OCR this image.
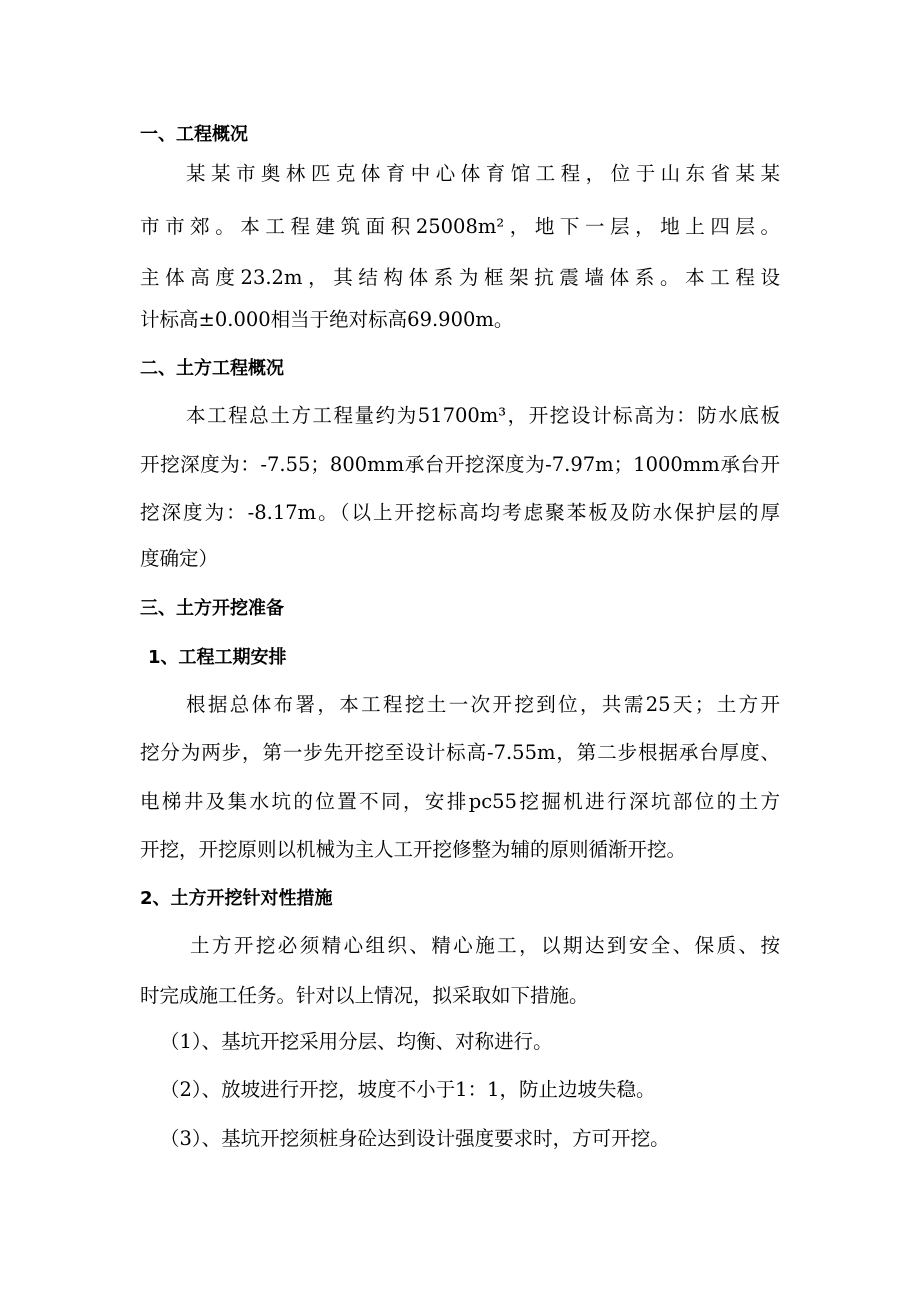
一、工程概况
某某市奥林匹克体育中心体育馆工程，位于山东省某某
市市郊。本工程建筑面积25008m²，地下一层，地上四层。
主体高度23.2m，其结构体系为框架抗震墙体系。本工程设
计标高±0.000相当于绝对标高69.900m。
二、土方工程概况
本工程总土方工程量约为51700m³，开挖设计标高为：防水底板
开挖深度为：-7.55；800mm承台开挖深度为-7.97m；1000mm承台开
挖深度为：-8.17m。（以上开挖标高均考虑聚苯板及防水保护层的厚
度确定）
三、土方开挖准备
1、工程工期安排
根据总体布署，本工程挖土一次开挖到位，共需25天；土方开
挖分为两步，第一步先开挖至设计标高-7.55m，第二步根据承台厚度、
电梯井及集水坑的位置不同，安排pc55挖掘机进行深坑部位的土方
开挖，开挖原则以机械为主人工开挖修整为辅的原则循渐开挖。
2、土方开挖针对性措施
土方开挖必须精心组织、精心施工，以期达到安全、保质、按
时完成施工任务。针对以上情况，拟采取如下措施。
（1）、基坑开挖采用分层、均衡、对称进行。
（2）、放坡进行开挖，坡度不小于1：1，防止边坡失稳。
（3）、基坑开挖须桩身砼达到设计强度要求时，方可开挖。
